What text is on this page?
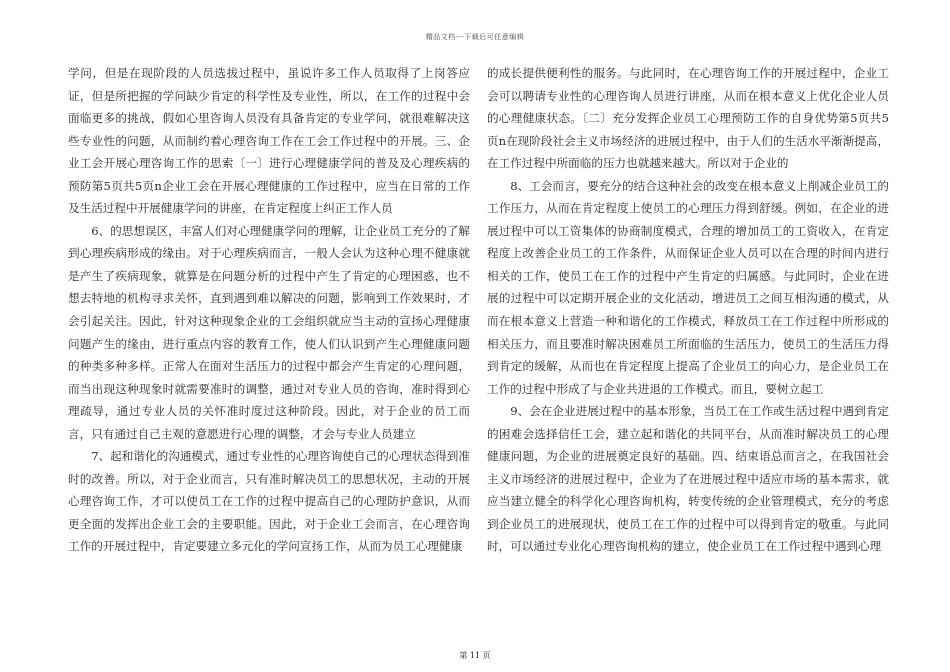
精品文档---下载后可任意编辑

学问，但是在现阶段的人员选拔过程中，虽说许多工作人员取得了上岗答应证，但是所把握的学问缺少肯定的科学性及专业性，所以，在工作的过程中会面临更多的挑战，假如心里咨询人员没有具备肯定的专业学问，就很难解决这些专业性的问题，从而制约着心理咨询工作在工会工作过程中的开展。三、企业工会开展心理咨询工作的思索〔一〕进行心理健康学问的普及及心理疾病的预防第5页共5页n企业工会在开展心理健康的工作过程中，应当在日常的工作及生活过程中开展健康学问的讲座，在肯定程度上纠正工作人员

6、的思想误区，丰富人们对心理健康学问的理解，让企业员工充分的了解到心理疾病形成的缘由。对于心理疾病而言，一般人会认为这种心理不健康就是产生了疾病现象，就算是在问题分析的过程中产生了肯定的心理困惑，也不想去特地的机构寻求关怀，直到遇到难以解决的问题，影响到工作效果时，才会引起关注。因此，针对这种现象企业的工会组织就应当主动的宣扬心理健康问题产生的缘由，进行重点内容的教育工作，使人们认识到产生心理健康问题的种类多种多样。正常人在面对生活压力的过程中都会产生肯定的心理问题，而当出现这种现象时就需要准时的调整，通过对专业人员的咨询，准时得到心理疏导，通过专业人员的关怀准时度过这种阶段。因此，对于企业的员工而言，只有通过自己主观的意愿进行心理的调整，才会与专业人员建立

7、起和谐化的沟通模式，通过专业性的心理咨询使自己的心理状态得到准时的改善。所以，对于企业而言，只有准时解决员工的思想状况，主动的开展心理咨询工作，才可以使员工在工作的过程中提高自己的心理防护意识，从而更全面的发挥出企业工会的主要职能。因此，对于企业工会而言，在心理咨询工作的开展过程中，肯定要建立多元化的学问宣扬工作，从而为员工心理健康

的成长提供便利性的服务。与此同时，在心理咨询工作的开展过程中，企业工会可以聘请专业性的心理咨询人员进行讲座，从而在根本意义上优化企业人员的心理健康状态。〔二〕充分发挥企业员工心理预防工作的自身优势第5页共5页n在现阶段社会主义市场经济的进展过程中，由于人们的生活水平渐渐提高，在工作过程中所面临的压力也就越来越大。所以对于企业的

8、工会而言，要充分的结合这种社会的改变在根本意义上削减企业员工的工作压力，从而在肯定程度上使员工的心理压力得到舒缓。例如，在企业的进展过程中可以工资集体的协商制度模式，合理的增加员工的工资收入，在肯定程度上改善企业员工的工作条件，从而保证企业人员可以在合理的时间内进行相关的工作，使员工在工作的过程中产生肯定的归属感。与此同时，企业在进展的过程中可以定期开展企业的文化活动，增进员工之间互相沟通的模式，从而在根本意义上营造一种和谐化的工作模式，释放员工在工作过程中所形成的相关压力，而且要准时解决困难员工所面临的生活压力，使员工的生活压力得到肯定的缓解，从而也在肯定程度上提高了企业员工的向心力，是企业员工在工作的过程中形成了与企业共进退的工作模式。而且，要树立起工

9、会在企业进展过程中的基本形象，当员工在工作或生活过程中遇到肯定的困难会选择信任工会，建立起和谐化的共同平台，从而准时解决员工的心理健康问题，为企业的进展奠定良好的基础。四、结束语总而言之，在我国社会主义市场经济的进展过程中，企业为了在进展过程中适应市场的基本需求，就应当建立健全的科学化心理咨询机构，转变传统的企业管理模式，充分的考虑到企业员工的进展现状，使员工在工作的过程中可以得到肯定的敬重。与此同时，可以通过专业化心理咨询机构的建立，使企业员工在工作过程中遇到心理

第 11 页
